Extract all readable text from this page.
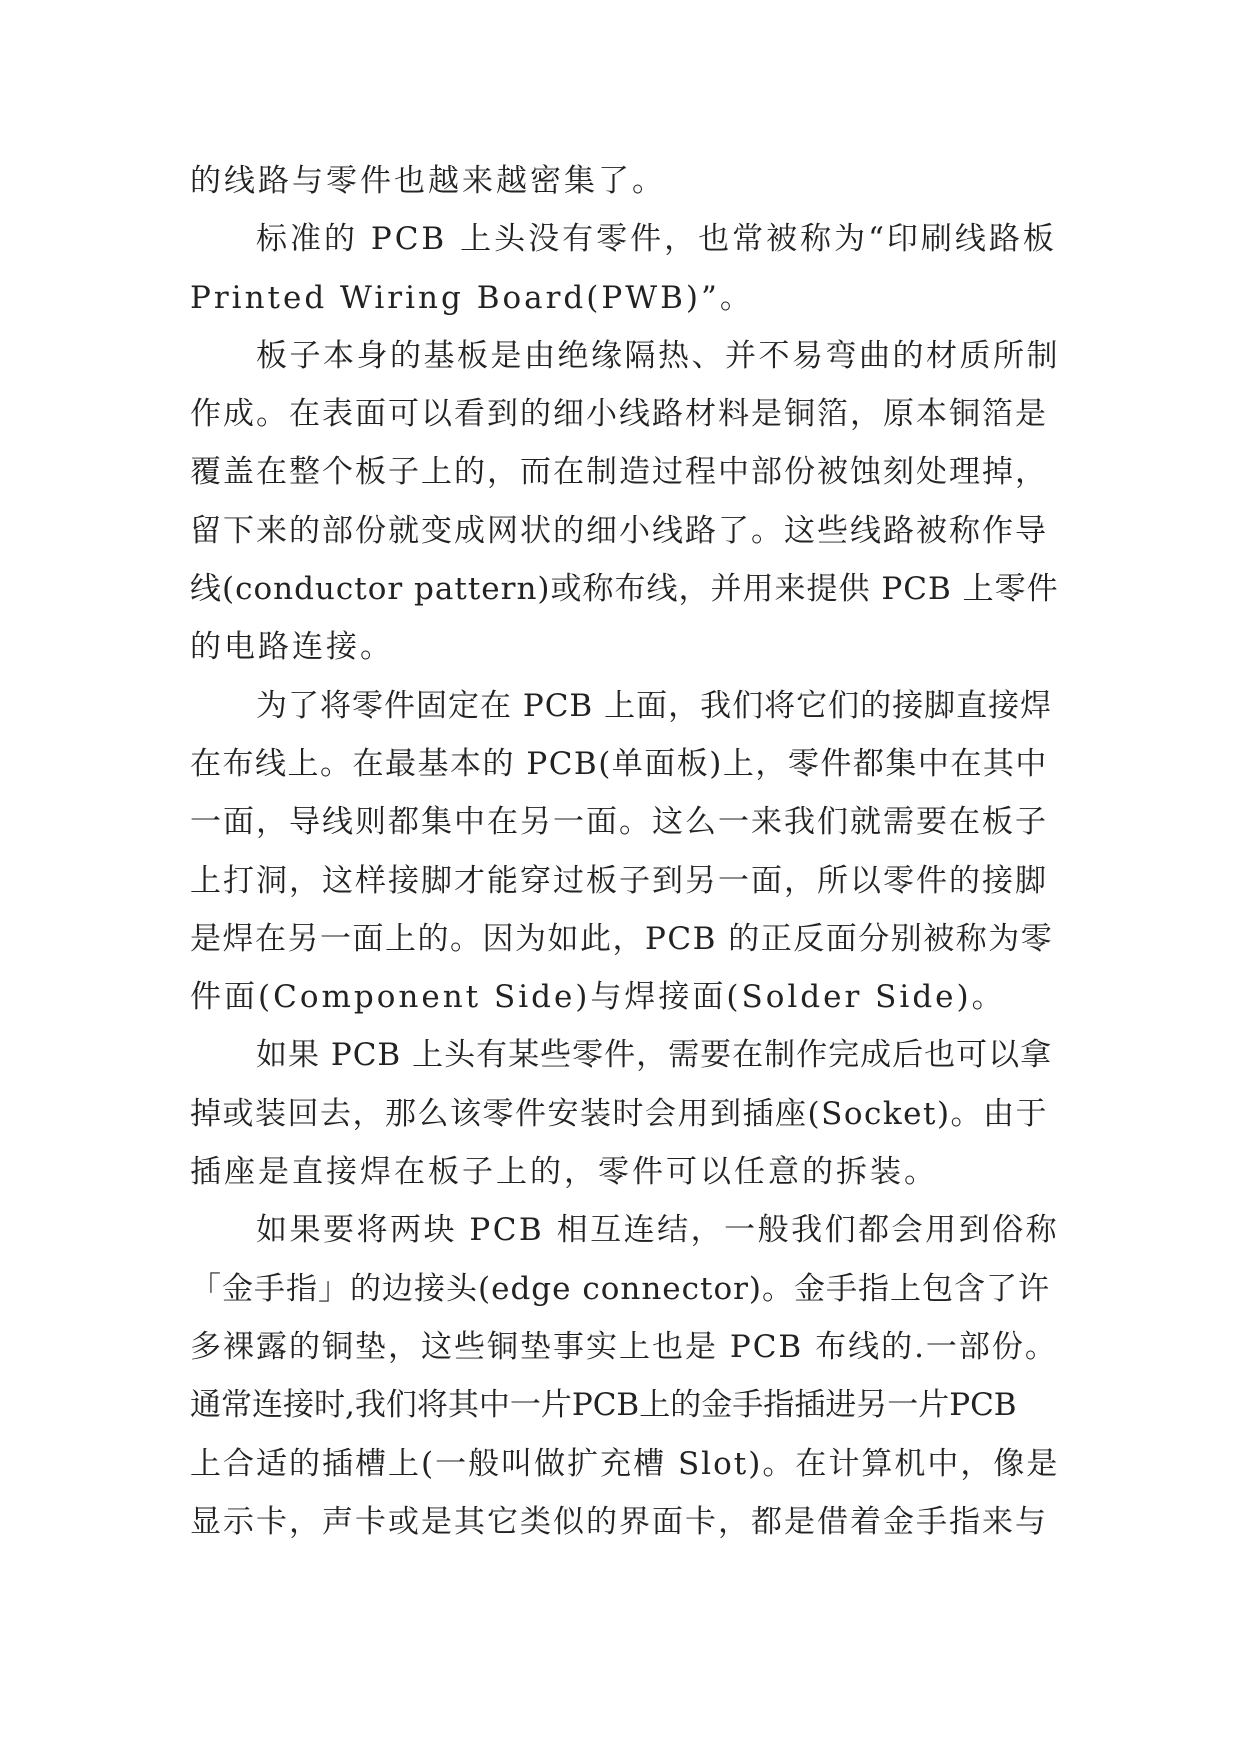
的线路与零件也越来越密集了。
标准的 PCB 上头没有零件，也常被称为“印刷线路板
Printed Wiring Board(PWB)”。
板子本身的基板是由绝缘隔热、并不易弯曲的材质所制
作成。在表面可以看到的细小线路材料是铜箔，原本铜箔是
覆盖在整个板子上的，而在制造过程中部份被蚀刻处理掉，
留下来的部份就变成网状的细小线路了。这些线路被称作导
线(conductor pattern)或称布线，并用来提供 PCB 上零件
的电路连接。
为了将零件固定在 PCB 上面，我们将它们的接脚直接焊
在布线上。在最基本的 PCB(单面板)上，零件都集中在其中
一面，导线则都集中在另一面。这么一来我们就需要在板子
上打洞，这样接脚才能穿过板子到另一面，所以零件的接脚
是焊在另一面上的。因为如此，PCB 的正反面分别被称为零
件面(Component Side)与焊接面(Solder Side)。
如果 PCB 上头有某些零件，需要在制作完成后也可以拿
掉或装回去，那么该零件安装时会用到插座(Socket)。由于
插座是直接焊在板子上的，零件可以任意的拆装。
如果要将两块 PCB 相互连结，一般我们都会用到俗称
「金手指」的边接头(edge connector)。金手指上包含了许
多裸露的铜垫，这些铜垫事实上也是 PCB 布线的.一部份。
通常连接时,我们将其中一片PCB上的金手指插进另一片PCB
上合适的插槽上(一般叫做扩充槽 Slot)。在计算机中，像是
显示卡，声卡或是其它类似的界面卡，都是借着金手指来与
